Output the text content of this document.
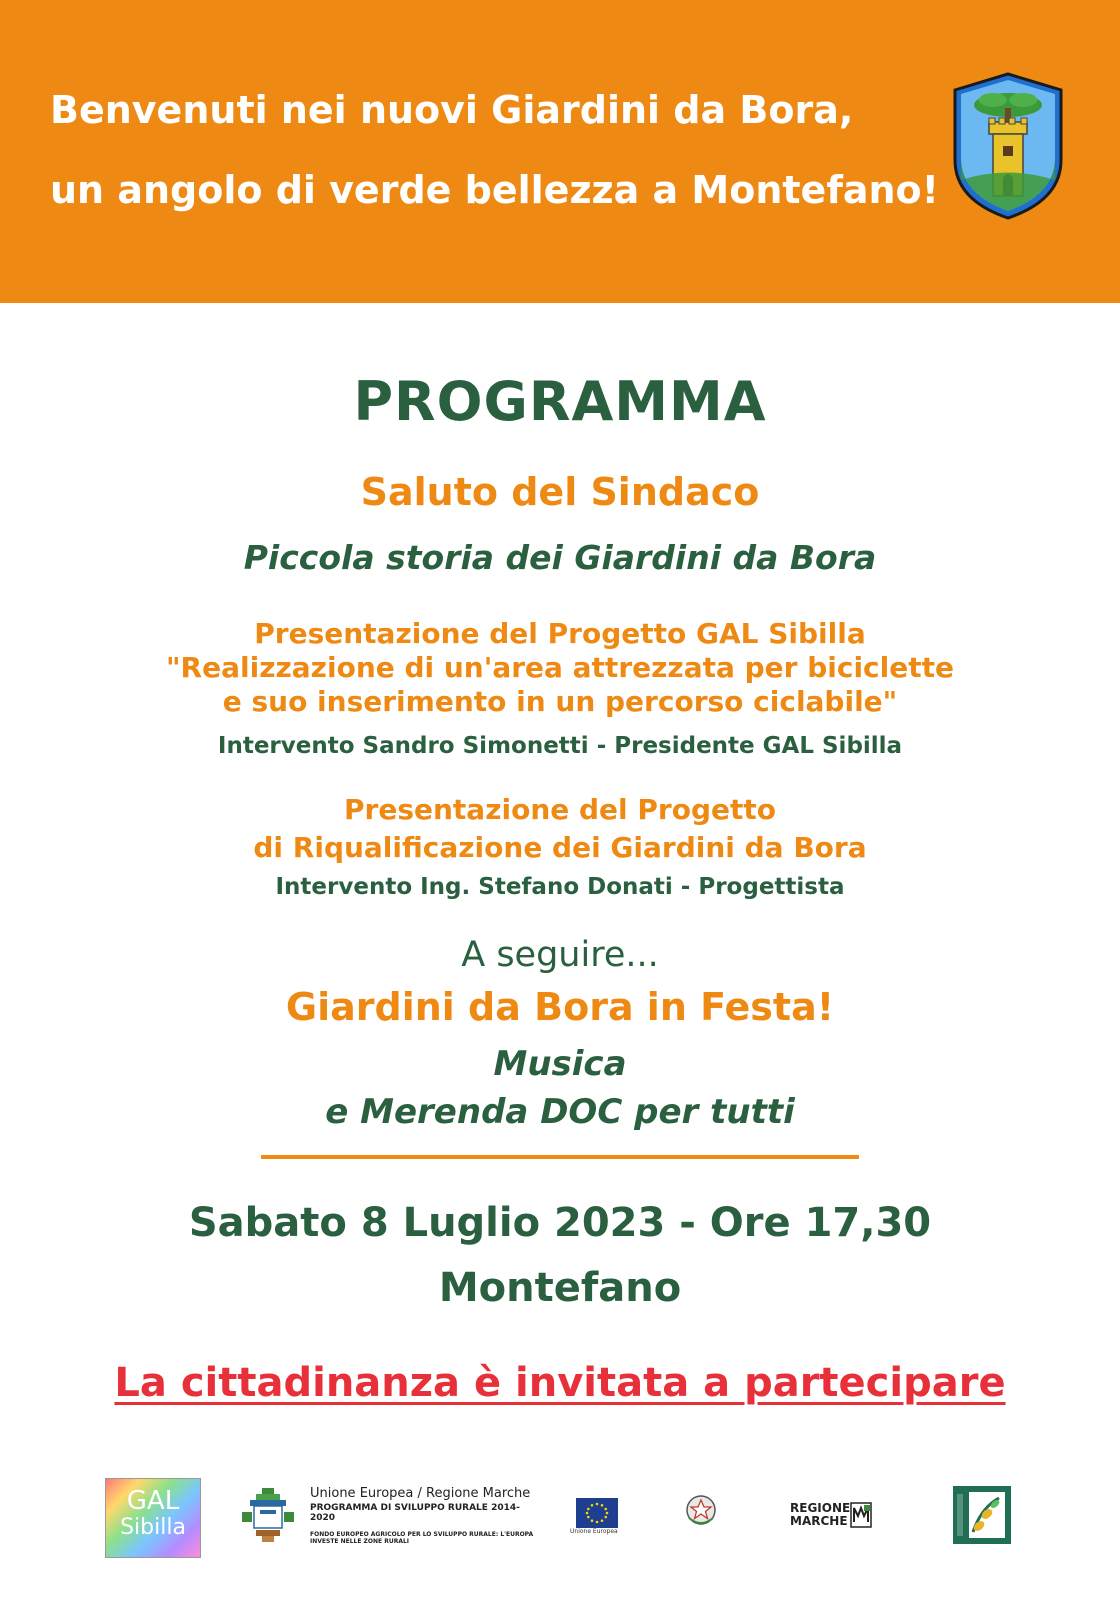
Benvenuti nei nuovi Giardini da Bora,
un angolo di verde bellezza a Montefano!
PROGRAMMA
Saluto del Sindaco
Piccola storia dei Giardini da Bora
Presentazione del Progetto GAL Sibilla
"Realizzazione di un'area attrezzata per biciclette
e suo inserimento in un percorso ciclabile"
Intervento Sandro Simonetti - Presidente GAL Sibilla
Presentazione del Progetto
di Riqualificazione dei Giardini da Bora
Intervento Ing. Stefano Donati - Progettista
A seguire...
Giardini da Bora in Festa!
Musica
e Merenda DOC per tutti
Sabato 8 Luglio 2023 - Ore 17,30
Montefano
La cittadinanza è invitata a partecipare
GAL
Sibilla
Unione Europea / Regione Marche
PROGRAMMA DI SVILUPPO RURALE 2014-2020
FONDO EUROPEO AGRICOLO PER LO SVILUPPO RURALE: L'EUROPA INVESTE NELLE ZONE RURALI
Unione Europea
REGIONE
MARCHE
